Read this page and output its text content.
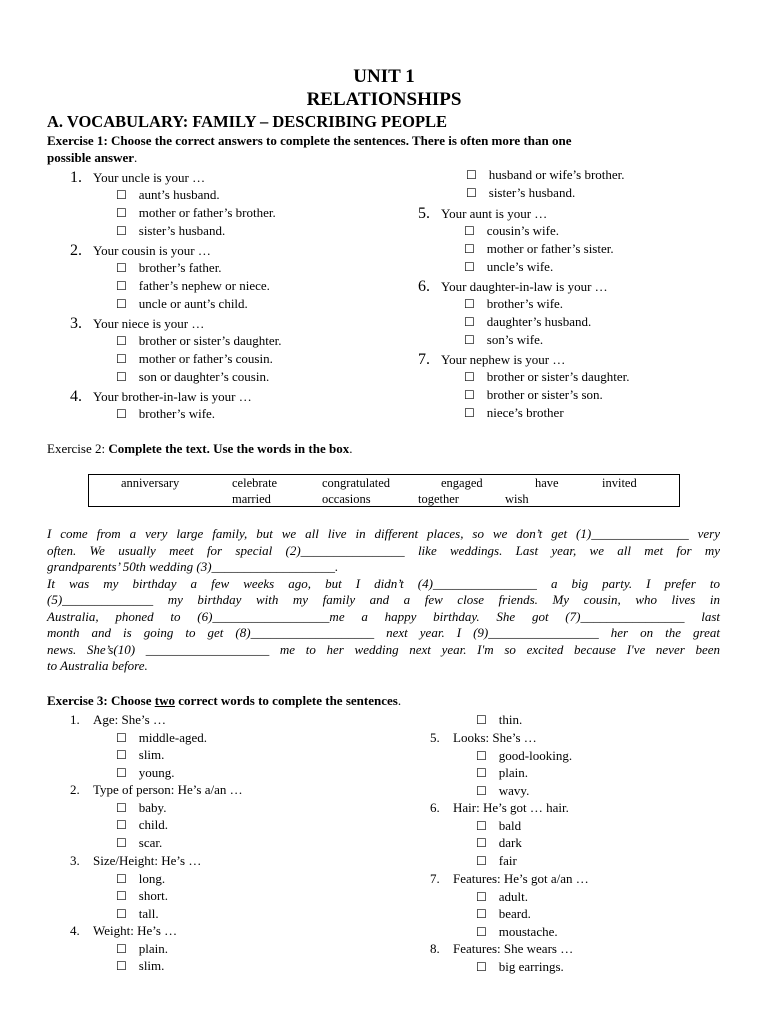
UNIT 1
RELATIONSHIPS
A. VOCABULARY: FAMILY – DESCRIBING PEOPLE
Exercise 1: Choose the correct answers to complete the sentences. There is often more than one
possible answer.
1. Your uncle is your …
☐ aunt’s husband.
☐ mother or father’s brother.
☐ sister’s husband.
2. Your cousin is your …
☐ brother’s father.
☐ father’s nephew or niece.
☐ uncle or aunt’s child.
3. Your niece is your …
☐ brother or sister’s daughter.
☐ mother or father’s cousin.
☐ son or daughter’s cousin.
4. Your brother-in-law is your …
☐ brother’s wife.
☐ husband or wife’s brother.
☐ sister’s husband.
5. Your aunt is your …
☐ cousin’s wife.
☐ mother or father’s sister.
☐ uncle’s wife.
6. Your daughter-in-law is your …
☐ brother’s wife.
☐ daughter’s husband.
☐ son’s wife.
7. Your nephew is your …
☐ brother or sister’s daughter.
☐ brother or sister’s son.
☐ niece’s brother
Exercise 2: Complete the text. Use the words in the box.
anniversary	celebrate	congratulated	engaged	have	invited
married	occasions	together	wish

I come from a very large family, but we all live in different places, so we don’t get (1)_______________ very

often. We usually meet for special (2)________________ like weddings. Last year, we all met for my

grandparents’ 50th wedding (3)___________________.

It was my birthday a few weeks ago, but I didn’t (4)________________ a big party. I prefer to

(5)______________ my birthday with my family and a few close friends. My cousin, who lives in

Australia, phoned to (6)__________________me a happy birthday. She got (7)________________ last

month and is going to get (8)___________________ next year. I (9)_________________ her on the great

news. She’s(10) ___________________ me to her wedding next year. I'm so excited because I've never been

to Australia before.

Exercise 3: Choose two correct words to complete the sentences.
1. Age: She’s …
☐ middle-aged.
☐ slim.
☐ young.
2. Type of person: He’s a/an …
☐ baby.
☐ child.
☐ scar.
3. Size/Height: He’s …
☐ long.
☐ short.
☐ tall.
4. Weight: He’s …
☐ plain.
☐ slim.
☐ thin.
5. Looks: She’s …
☐ good-looking.
☐ plain.
☐ wavy.
6. Hair: He’s got … hair.
☐ bald
☐ dark
☐ fair
7. Features: He’s got a/an …
☐ adult.
☐ beard.
☐ moustache.
8. Features: She wears …
☐ big earrings.
